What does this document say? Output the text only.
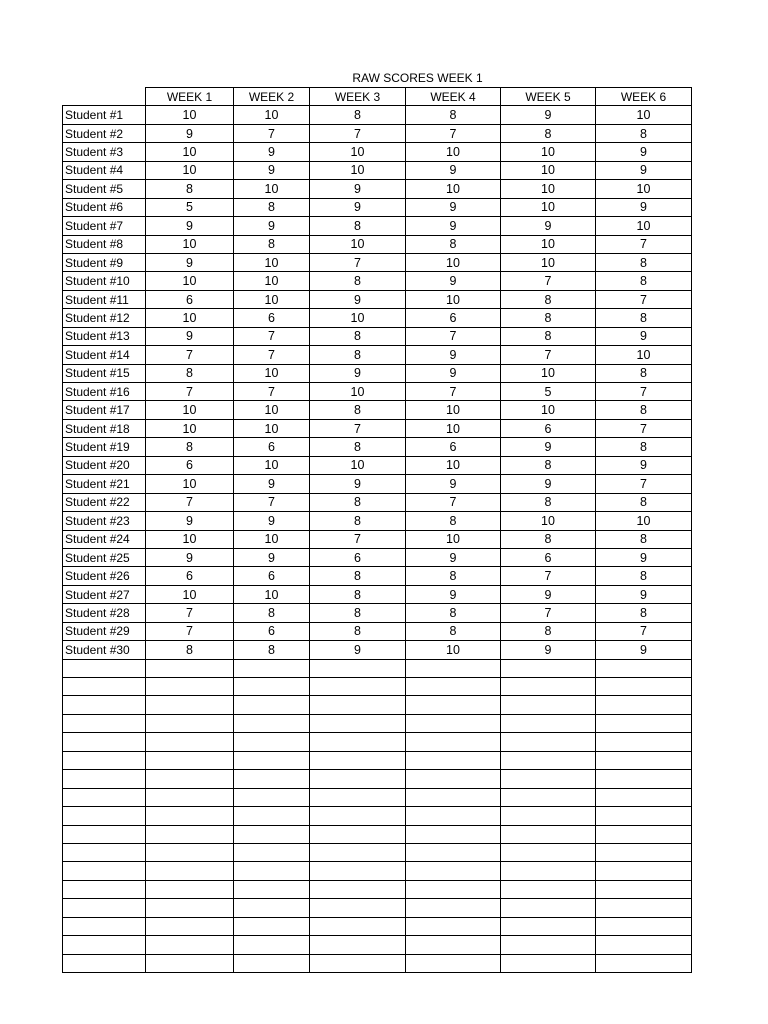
RAW SCORES WEEK 1
	WEEK 1	WEEK 2	WEEK 3	WEEK 4	WEEK 5	WEEK 6
Student #1	10	10	8	8	9	10
Student #2	9	7	7	7	8	8
Student #3	10	9	10	10	10	9
Student #4	10	9	10	9	10	9
Student #5	8	10	9	10	10	10
Student #6	5	8	9	9	10	9
Student #7	9	9	8	9	9	10
Student #8	10	8	10	8	10	7
Student #9	9	10	7	10	10	8
Student #10	10	10	8	9	7	8
Student #11	6	10	9	10	8	7
Student #12	10	6	10	6	8	8
Student #13	9	7	8	7	8	9
Student #14	7	7	8	9	7	10
Student #15	8	10	9	9	10	8
Student #16	7	7	10	7	5	7
Student #17	10	10	8	10	10	8
Student #18	10	10	7	10	6	7
Student #19	8	6	8	6	9	8
Student #20	6	10	10	10	8	9
Student #21	10	9	9	9	9	7
Student #22	7	7	8	7	8	8
Student #23	9	9	8	8	10	10
Student #24	10	10	7	10	8	8
Student #25	9	9	6	9	6	9
Student #26	6	6	8	8	7	8
Student #27	10	10	8	9	9	9
Student #28	7	8	8	8	7	8
Student #29	7	6	8	8	8	7
Student #30	8	8	9	10	9	9
